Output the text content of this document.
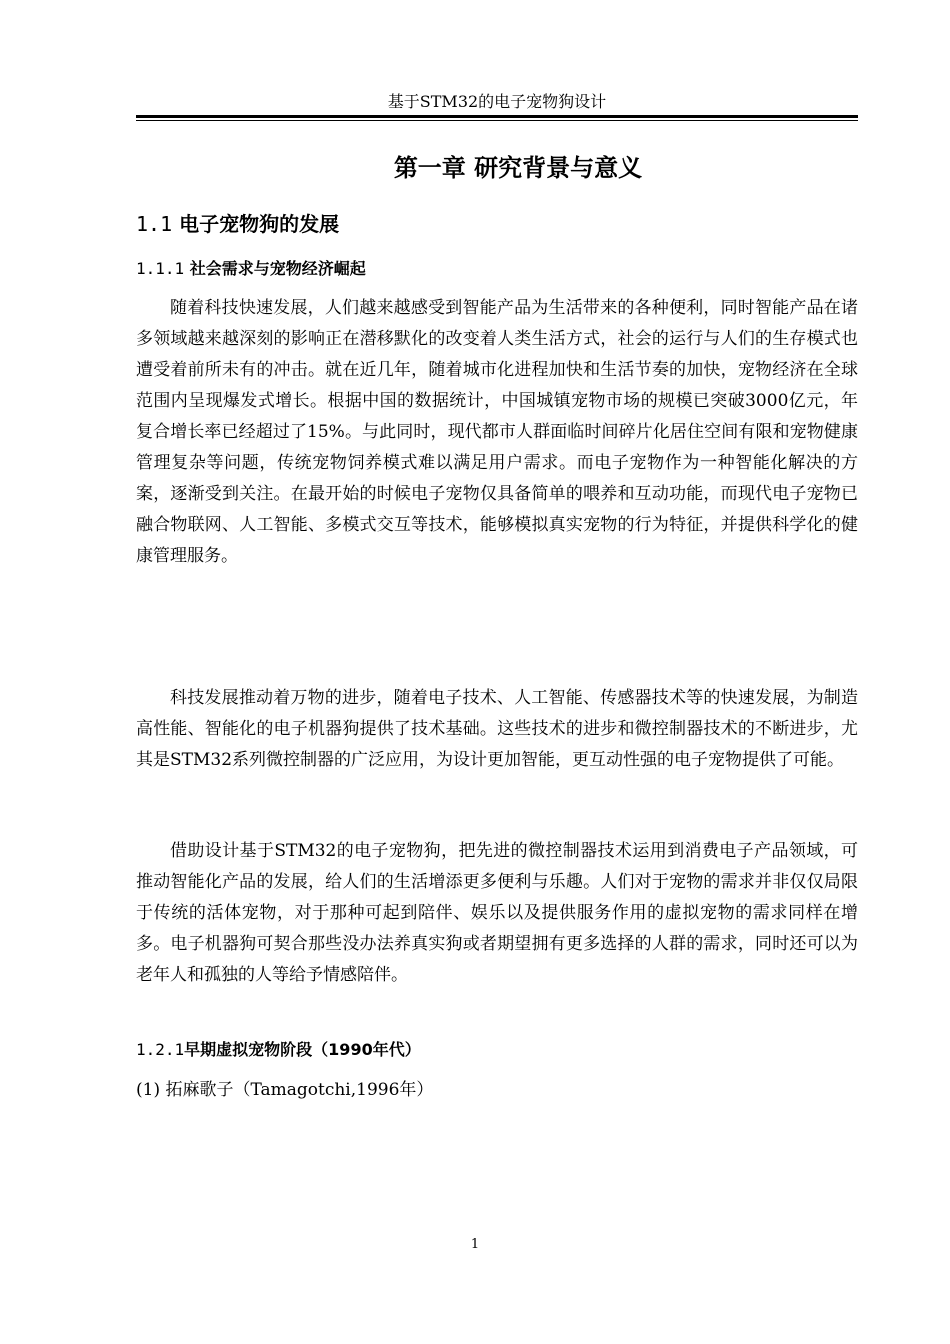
基于STM32的电子宠物狗设计
第一章 研究背景与意义
1.1 电子宠物狗的发展
1.1.1 社会需求与宠物经济崛起

随着科技快速发展，人们越来越感受到智能产品为生活带来的各种便利，同时智能产品在诸多领域越来越深刻的影响正在潜移默化的改变着人类生活方式，社会的运行与人们的生存模式也遭受着前所未有的冲击。就在近几年，随着城市化进程加快和生活节奏的加快，宠物经济在全球范围内呈现爆发式增长。根据中国的数据统计，中国城镇宠物市场的规模已突破3000亿元，年复合增长率已经超过了15%。与此同时，现代都市人群面临时间碎片化居住空间有限和宠物健康管理复杂等问题，传统宠物饲养模式难以满足用户需求。而电子宠物作为一种智能化解决的方案，逐渐受到关注。在最开始的时候电子宠物仅具备简单的喂养和互动功能，而现代电子宠物已融合物联网、人工智能、多模式交互等技术，能够模拟真实宠物的行为特征，并提供科学化的健康管理服务。

科技发展推动着万物的进步，随着电子技术、人工智能、传感器技术等的快速发展，为制造高性能、智能化的电子机器狗提供了技术基础。这些技术的进步和微控制器技术的不断进步，尤其是STM32系列微控制器的广泛应用，为设计更加智能，更互动性强的电子宠物提供了可能。

借助设计基于STM32的电子宠物狗，把先进的微控制器技术运用到消费电子产品领域，可推动智能化产品的发展，给人们的生活增添更多便利与乐趣。人们对于宠物的需求并非仅仅局限于传统的活体宠物，对于那种可起到陪伴、娱乐以及提供服务作用的虚拟宠物的需求同样在增多。电子机器狗可契合那些没办法养真实狗或者期望拥有更多选择的人群的需求，同时还可以为老年人和孤独的人等给予情感陪伴。

1.2.1早期虚拟宠物阶段（1990年代）
(1) 拓麻歌子（Tamagotchi,1996年）
1
